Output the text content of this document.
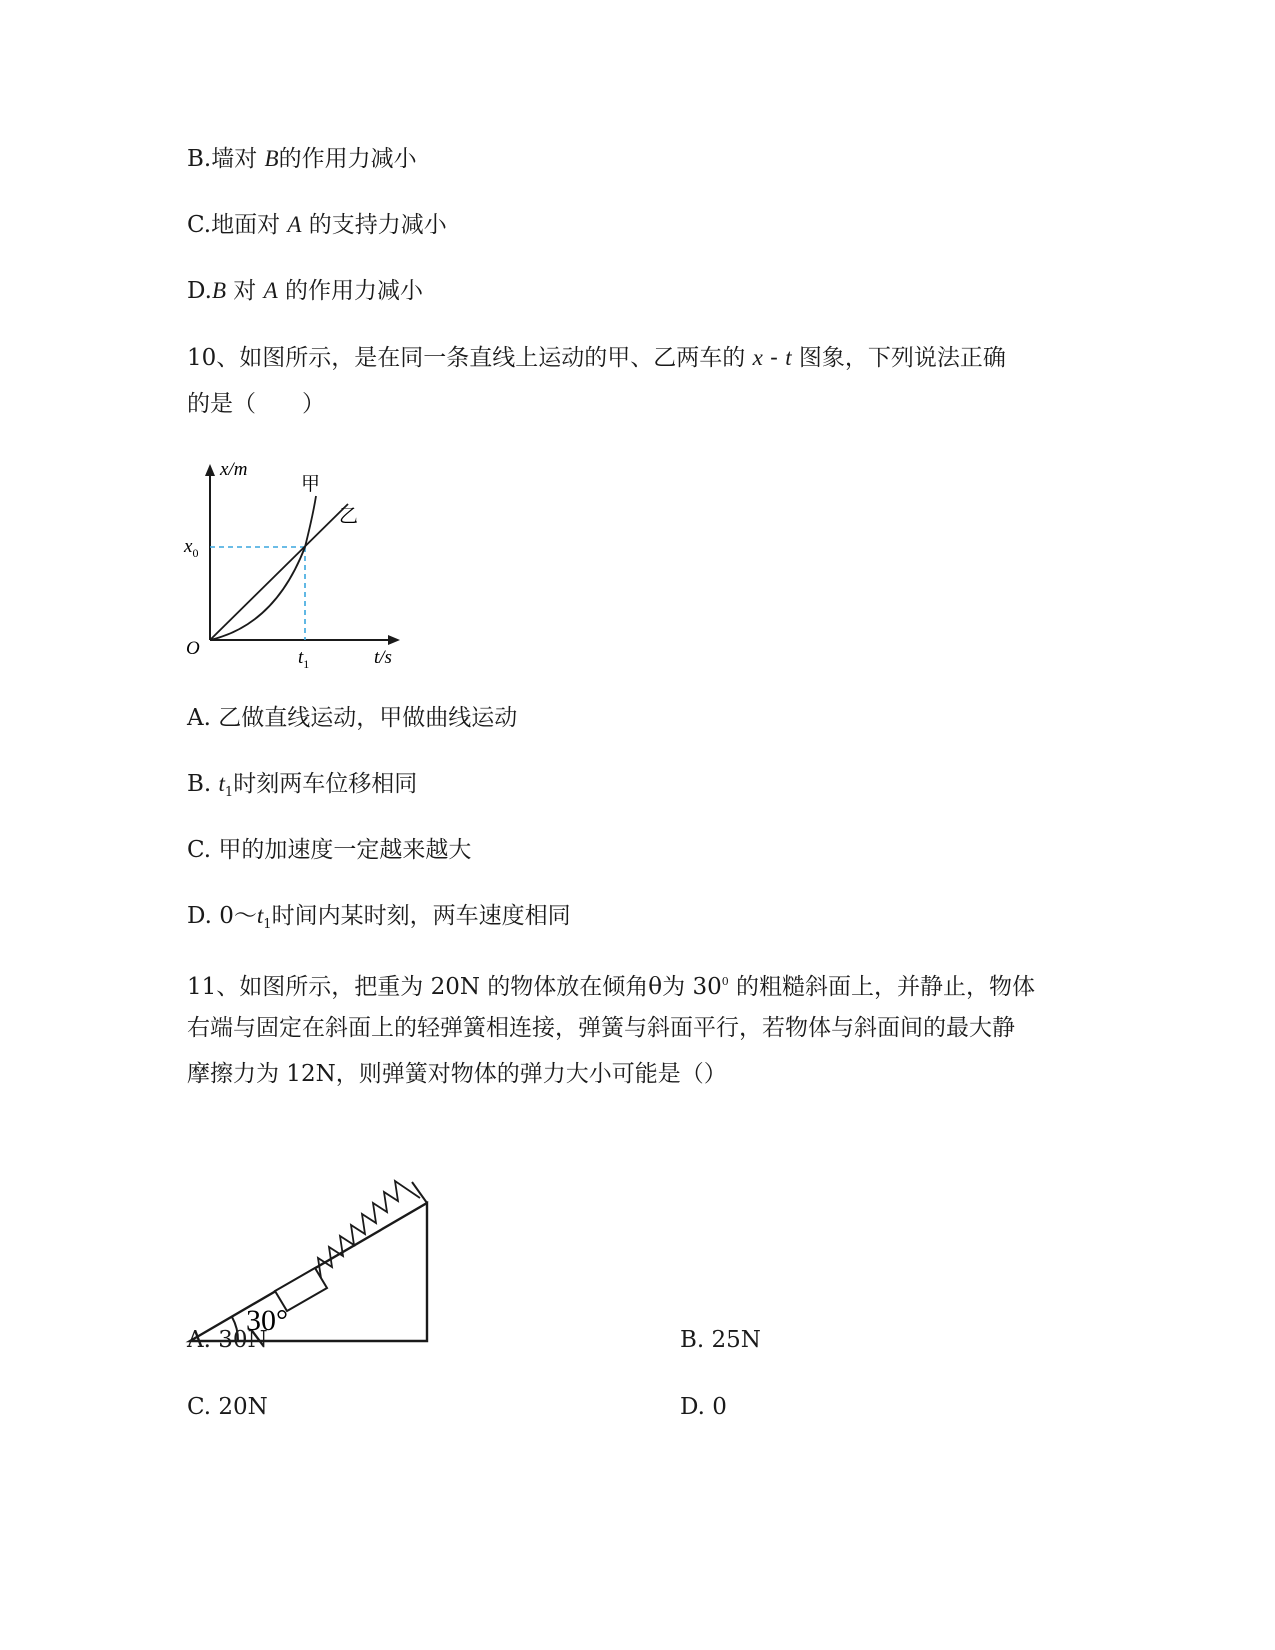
B.墙对 B的作用力减小
C.地面对 A 的支持力减小
D.B 对 A 的作用力减小
10、如图所示，是在同一条直线上运动的甲、乙两车的 x - t 图象，下列说法正确
的是（　　）
x/m
甲
乙
$x_0$
O	$t_1$	t/s
A. 乙做直线运动，甲做曲线运动
B. $t_1$时刻两车位移相同
C. 甲的加速度一定越来越大
D. $0\sim t_1$时间内某时刻，两车速度相同
11、如图所示，把重为 20N 的物体放在倾角θ为 $30^0$ 的粗糙斜面上，并静止，物体
右端与固定在斜面上的轻弹簧相连接，弹簧与斜面平行，若物体与斜面间的最大静
摩擦力为 12N，则弹簧对物体的弹力大小可能是（）
30°
A. 30N	B. 25N
C. 20N	D. 0
